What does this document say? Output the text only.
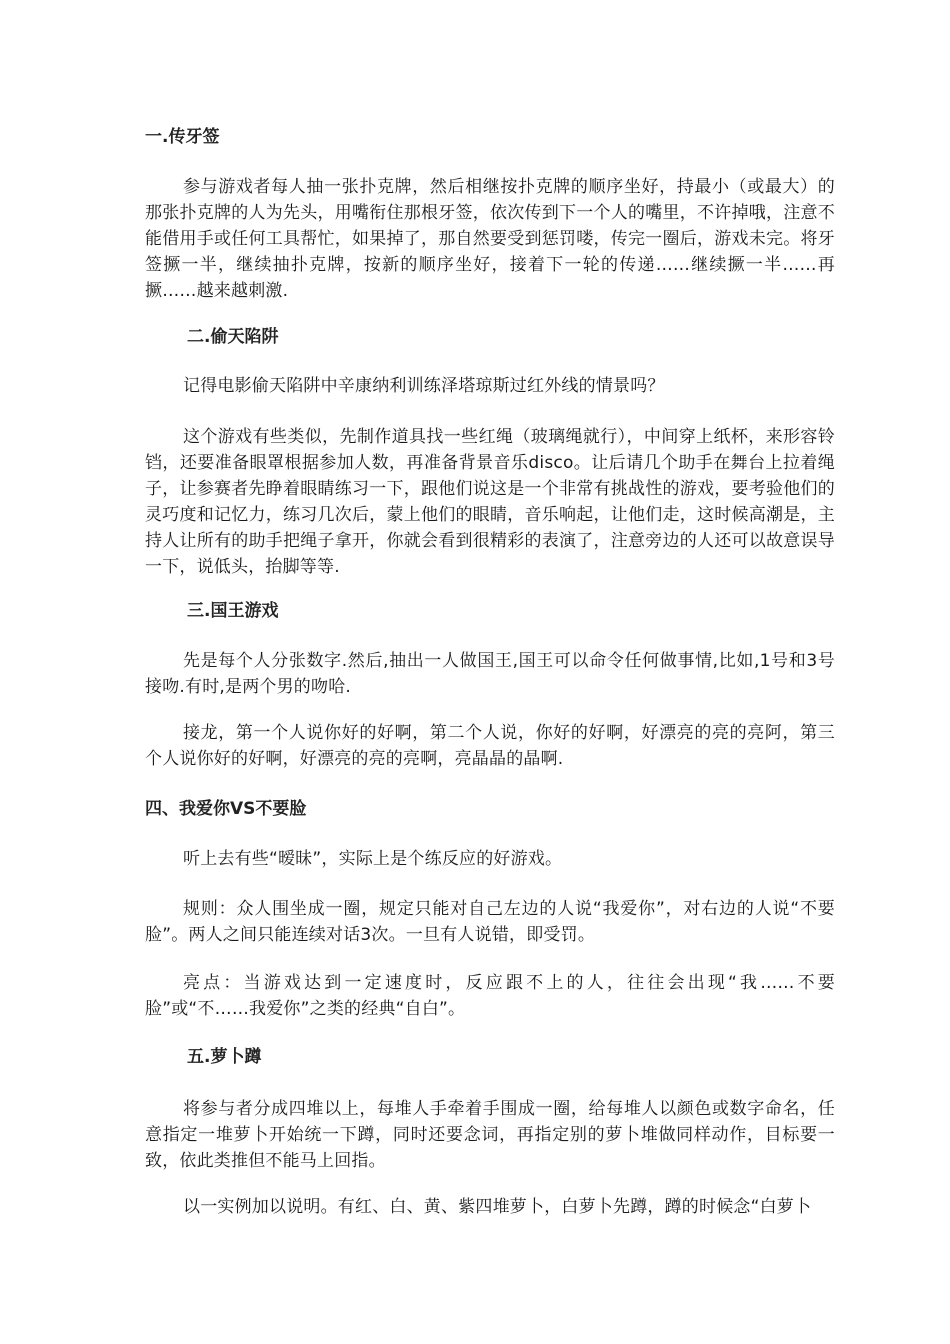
一.传牙签
参与游戏者每人抽一张扑克牌，然后相继按扑克牌的顺序坐好，持最小（或最大）的那张扑克牌的人为先头，用嘴衔住那根牙签，依次传到下一个人的嘴里，不许掉哦，注意不能借用手或任何工具帮忙，如果掉了，那自然要受到惩罚喽，传完一圈后，游戏未完。将牙签撅一半，继续抽扑克牌，按新的顺序坐好，接着下一轮的传递……继续撅一半……再撅……越来越刺激.
二.偷天陷阱
记得电影偷天陷阱中辛康纳利训练泽塔琼斯过红外线的情景吗？
这个游戏有些类似，先制作道具找一些红绳（玻璃绳就行），中间穿上纸杯，来形容铃铛，还要准备眼罩根据参加人数，再准备背景音乐disco。让后请几个助手在舞台上拉着绳子，让参赛者先睁着眼睛练习一下，跟他们说这是一个非常有挑战性的游戏，要考验他们的灵巧度和记忆力，练习几次后，蒙上他们的眼睛，音乐响起，让他们走，这时候高潮是，主持人让所有的助手把绳子拿开，你就会看到很精彩的表演了，注意旁边的人还可以故意误导一下，说低头，抬脚等等.
三.国王游戏
先是每个人分张数字.然后,抽出一人做国王,国王可以命令任何做事情,比如,1号和3号接吻.有时,是两个男的吻哈.
接龙，第一个人说你好的好啊，第二个人说，你好的好啊，好漂亮的亮的亮阿，第三个人说你好的好啊，好漂亮的亮的亮啊，亮晶晶的晶啊.
四、我爱你VS不要脸
听上去有些“暧昧”，实际上是个练反应的好游戏。
规则：众人围坐成一圈，规定只能对自己左边的人说“我爱你”，对右边的人说“不要脸”。两人之间只能连续对话3次。一旦有人说错，即受罚。
亮点：当游戏达到一定速度时，反应跟不上的人，往往会出现“我……不要脸”或“不……我爱你”之类的经典“自白”。
五.萝卜蹲
将参与者分成四堆以上，每堆人手牵着手围成一圈，给每堆人以颜色或数字命名，任意指定一堆萝卜开始统一下蹲，同时还要念词，再指定别的萝卜堆做同样动作，目标要一致，依此类推但不能马上回指。
以一实例加以说明。有红、白、黄、紫四堆萝卜，白萝卜先蹲，蹲的时候念“白萝卜
